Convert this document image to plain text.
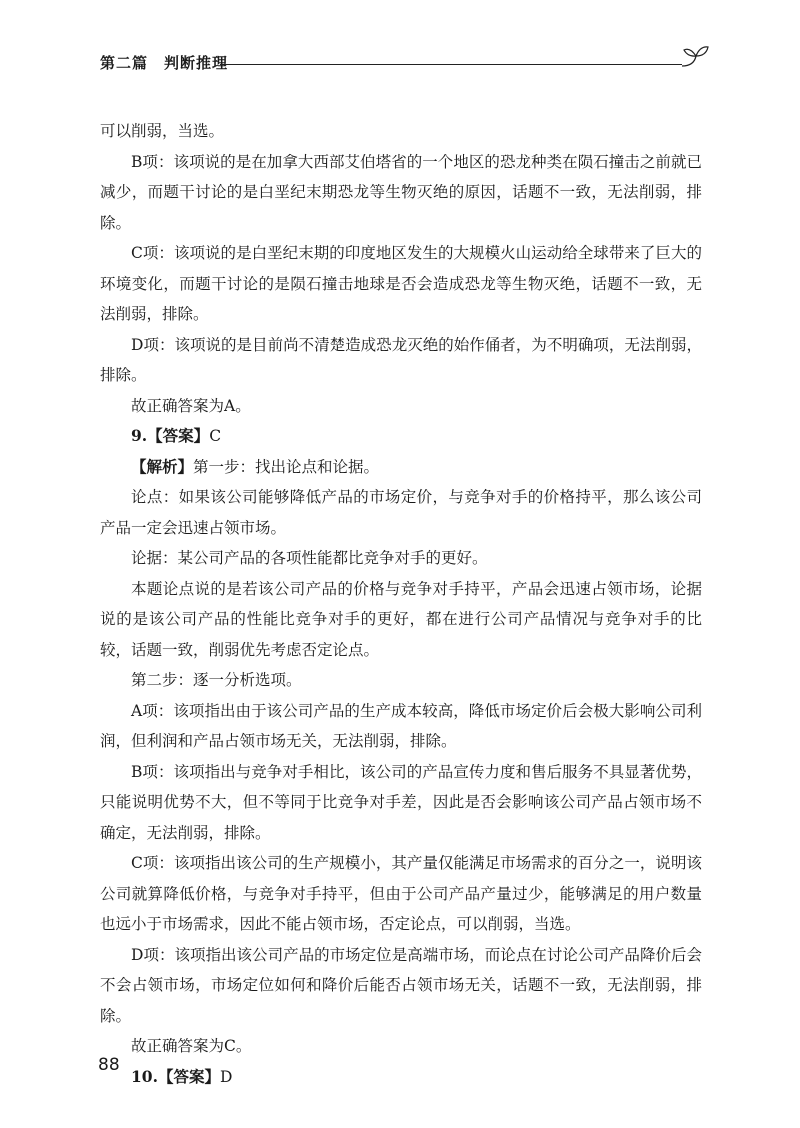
第二篇　判断推理

可以削弱，当选。

B项：该项说的是在加拿大西部艾伯塔省的一个地区的恐龙种类在陨石撞击之前就已减少，而题干讨论的是白垩纪末期恐龙等生物灭绝的原因，话题不一致，无法削弱，排除。

C项：该项说的是白垩纪末期的印度地区发生的大规模火山运动给全球带来了巨大的环境变化，而题干讨论的是陨石撞击地球是否会造成恐龙等生物灭绝，话题不一致，无法削弱，排除。

D项：该项说的是目前尚不清楚造成恐龙灭绝的始作俑者，为不明确项，无法削弱，排除。

故正确答案为A。

9.【答案】C

【解析】第一步：找出论点和论据。

论点：如果该公司能够降低产品的市场定价，与竞争对手的价格持平，那么该公司产品一定会迅速占领市场。

论据：某公司产品的各项性能都比竞争对手的更好。

本题论点说的是若该公司产品的价格与竞争对手持平，产品会迅速占领市场，论据说的是该公司产品的性能比竞争对手的更好，都在进行公司产品情况与竞争对手的比较，话题一致，削弱优先考虑否定论点。

第二步：逐一分析选项。

A项：该项指出由于该公司产品的生产成本较高，降低市场定价后会极大影响公司利润，但利润和产品占领市场无关，无法削弱，排除。

B项：该项指出与竞争对手相比，该公司的产品宣传力度和售后服务不具显著优势，只能说明优势不大，但不等同于比竞争对手差，因此是否会影响该公司产品占领市场不确定，无法削弱，排除。

C项：该项指出该公司的生产规模小，其产量仅能满足市场需求的百分之一，说明该公司就算降低价格，与竞争对手持平，但由于公司产品产量过少，能够满足的用户数量也远小于市场需求，因此不能占领市场，否定论点，可以削弱，当选。

D项：该项指出该公司产品的市场定位是高端市场，而论点在讨论公司产品降价后会不会占领市场，市场定位如何和降价后能否占领市场无关，话题不一致，无法削弱，排除。

故正确答案为C。

10.【答案】D

88
